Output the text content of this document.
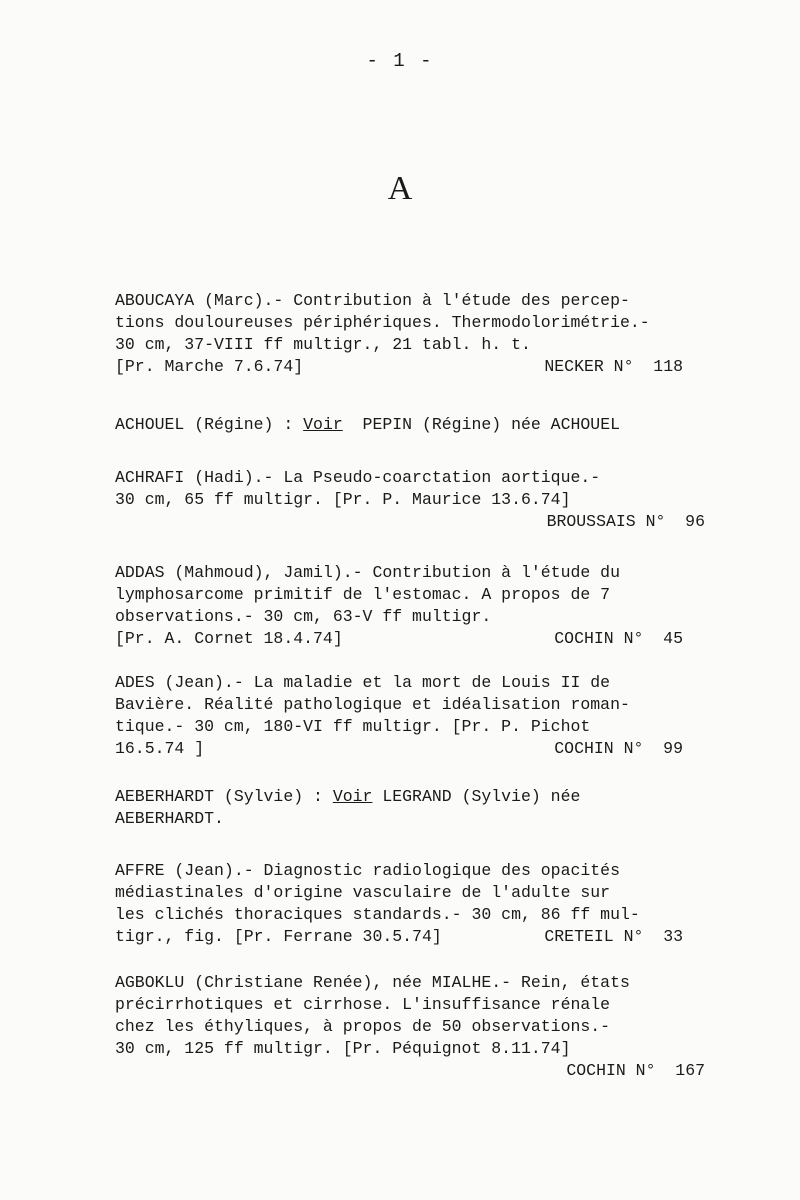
- 1 -
A
ABOUCAYA (Marc).- Contribution à l'étude des percep-
tions douloureuses périphériques. Thermodolorimétrie.-
30 cm, 37-VIII ff multigr., 21 tabl. h. t.
[Pr. Marche 7.6.74]	NECKER N°  118
ACHOUEL (Régine) : Voir  PEPIN (Régine) née ACHOUEL
ACHRAFI (Hadi).- La Pseudo-coarctation aortique.-
30 cm, 65 ff multigr. [Pr. P. Maurice 13.6.74]
BROUSSAIS N°  96
ADDAS (Mahmoud), Jamil).- Contribution à l'étude du
lymphosarcome primitif de l'estomac. A propos de 7
observations.- 30 cm, 63-V ff multigr.
[Pr. A. Cornet 18.4.74]	COCHIN N°  45
ADES (Jean).- La maladie et la mort de Louis II de
Bavière. Réalité pathologique et idéalisation roman-
tique.- 30 cm, 180-VI ff multigr. [Pr. P. Pichot
16.5.74 ]	COCHIN N°  99
AEBERHARDT (Sylvie) : Voir LEGRAND (Sylvie) née
AEBERHARDT.
AFFRE (Jean).- Diagnostic radiologique des opacités
médiastinales d'origine vasculaire de l'adulte sur
les clichés thoraciques standards.- 30 cm, 86 ff mul-
tigr., fig. [Pr. Ferrane 30.5.74]	CRETEIL N°  33
AGBOKLU (Christiane Renée), née MIALHE.- Rein, états
précirrhotiques et cirrhose. L'insuffisance rénale
chez les éthyliques, à propos de 50 observations.-
30 cm, 125 ff multigr. [Pr. Péquignot 8.11.74]
COCHIN N°  167
